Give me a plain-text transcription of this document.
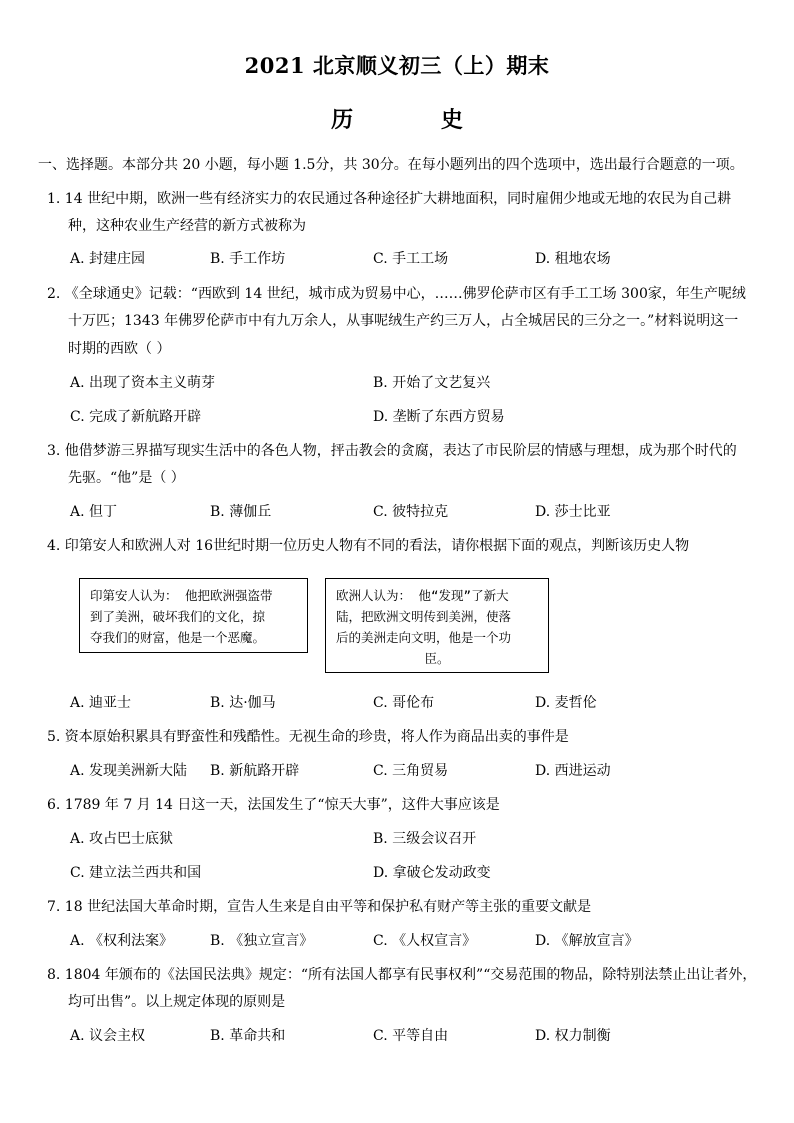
2021 北京顺义初三（上）期末
历 史
一、选择题。本部分共 20 小题，每小题 1.5分，共 30分。在每小题列出的四个选项中，选出最行合题意的一项。
1. 14 世纪中期，欧洲一些有经济实力的农民通过各种途径扩大耕地面积，同时雇佣少地或无地的农民为自己耕
种，这种农业生产经营的新方式被称为
A. 封建庄园	B. 手工作坊	C. 手工工场	D. 租地农场
2. 《全球通史》记载：“西欧到 14 世纪，城市成为贸易中心，……佛罗伦萨市区有手工工场 300家，年生产呢绒
十万匹；1343 年佛罗伦萨市中有九万余人，从事呢绒生产约三万人，占全城居民的三分之一。”材料说明这一
时期的西欧（ ）
A. 出现了资本主义萌芽	B. 开始了文艺复兴
C. 完成了新航路开辟	D. 垄断了东西方贸易
3. 他借梦游三界描写现实生活中的各色人物，抨击教会的贪腐，表达了市民阶层的情感与理想，成为那个时代的
先驱。“他”是（ ）
A. 但丁	B. 薄伽丘	C. 彼特拉克	D. 莎士比亚
4. 印第安人和欧洲人对 16世纪时期一位历史人物有不同的看法，请你根据下面的观点，判断该历史人物
印第安人认为： 他把欧洲强盗带
到了美洲，破坏我们的文化，掠
夺我们的财富，他是一个恶魔。
欧洲人认为： 他“发现”了新大
陆，把欧洲文明传到美洲，使落
后的美洲走向文明，他是一个功
臣。
A. 迪亚士	B. 达·伽马	C. 哥伦布	D. 麦哲伦
5. 资本原始积累具有野蛮性和残酷性。无视生命的珍贵，将人作为商品出卖的事件是
A. 发现美洲新大陆 B. 新航路开辟	C. 三角贸易	D. 西进运动
6. 1789 年 7 月 14 日这一天，法国发生了“惊天大事”，这件大事应该是
A. 攻占巴士底狱	B. 三级会议召开
C. 建立法兰西共和国	D. 拿破仑发动政变
7. 18 世纪法国大革命时期，宣告人生来是自由平等和保护私有财产等主张的重要文献是
A. 《权利法案》	B. 《独立宣言》	C. 《人权宣言》	D. 《解放宣言》
8. 1804 年颁布的《法国民法典》规定：“所有法国人都享有民事权利”“交易范围的物品，除特别法禁止出让者外，
均可出售”。以上规定体现的原则是
A. 议会主权	B. 革命共和	C. 平等自由	D. 权力制衡
